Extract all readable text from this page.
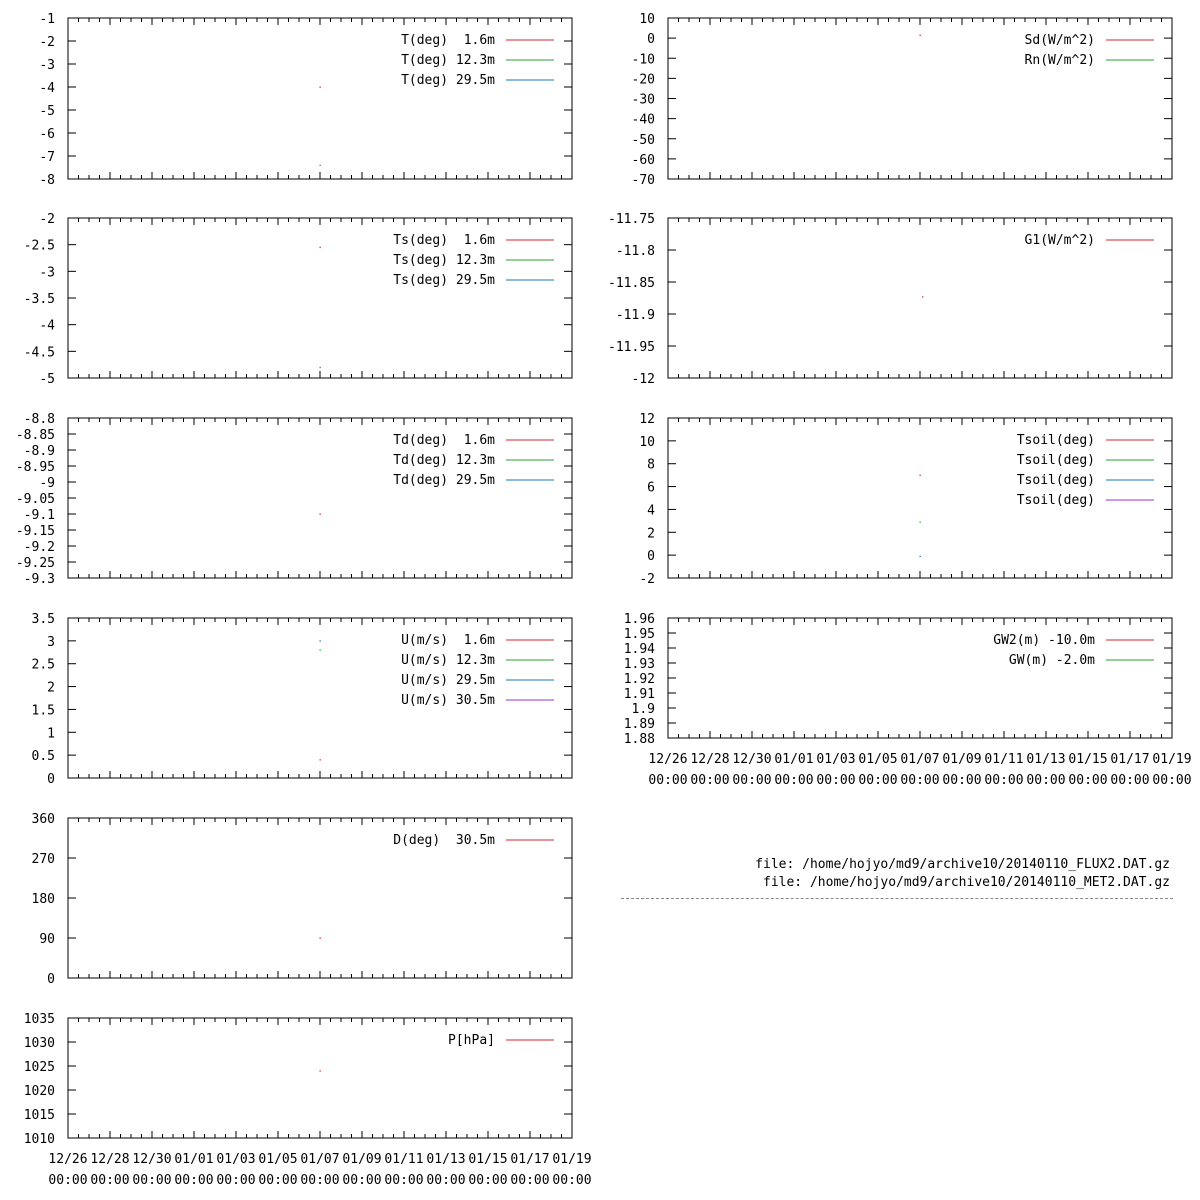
-1
-2
-3
-4
-5
-6
-7
-8
T(deg)  1.6m
T(deg) 12.3m
T(deg) 29.5m
-2
-2.5
-3
-3.5
-4
-4.5
-5
Ts(deg)  1.6m
Ts(deg) 12.3m
Ts(deg) 29.5m
-8.8
-8.85
-8.9
-8.95
-9
-9.05
-9.1
-9.15
-9.2
-9.25
-9.3
Td(deg)  1.6m
Td(deg) 12.3m
Td(deg) 29.5m
3.5
3
2.5
2
1.5
1
0.5
0
U(m/s)  1.6m
U(m/s) 12.3m
U(m/s) 29.5m
U(m/s) 30.5m
360
270
180
90
0
D(deg)  30.5m
1035
1030
1025
1020
1015
1010
P[hPa]
12/26
00:00
12/28
00:00
12/30
00:00
01/01
00:00
01/03
00:00
01/05
00:00
01/07
00:00
01/09
00:00
01/11
00:00
01/13
00:00
01/15
00:00
01/17
00:00
01/19
00:00
10
0
-10
-20
-30
-40
-50
-60
-70
Sd(W/m^2)
Rn(W/m^2)
-11.75
-11.8
-11.85
-11.9
-11.95
-12
G1(W/m^2)
12
10
8
6
4
2
0
-2
Tsoil(deg)
Tsoil(deg)
Tsoil(deg)
Tsoil(deg)
1.96
1.95
1.94
1.93
1.92
1.91
1.9
1.89
1.88
GW2(m) -10.0m
GW(m) -2.0m
12/26
00:00
12/28
00:00
12/30
00:00
01/01
00:00
01/03
00:00
01/05
00:00
01/07
00:00
01/09
00:00
01/11
00:00
01/13
00:00
01/15
00:00
01/17
00:00
01/19
00:00
file: /home/hojyo/md9/archive10/20140110_FLUX2.DAT.gz
file: /home/hojyo/md9/archive10/20140110_MET2.DAT.gz
